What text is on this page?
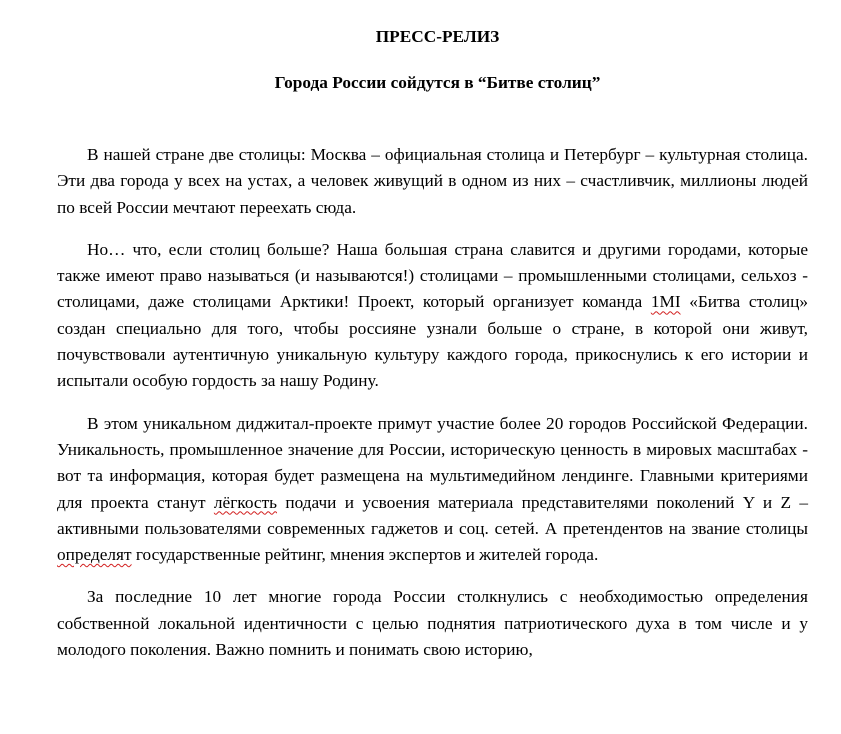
ПРЕСС-РЕЛИЗ

Города России сойдутся в “Битве столиц”

В нашей стране две столицы: Москва – официальная столица и Петербург – культурная столица. Эти два города у всех на устах, а человек живущий в одном из них – счастливчик, миллионы людей по всей России мечтают переехать сюда.

Но… что, если столиц больше? Наша большая страна славится и другими городами, которые также имеют право называться (и называются!) столицами – промышленными столицами, сельхоз - столицами, даже столицами Арктики! Проект, который организует команда 1MI «Битва столиц» создан специально для того, чтобы россияне узнали больше о стране, в которой они живут, почувствовали аутентичную уникальную культуру каждого города, прикоснулись к его истории и испытали особую гордость за нашу Родину.

В этом уникальном диджитал-проекте примут участие более 20 городов Российской Федерации. Уникальность, промышленное значение для России, историческую ценность в мировых масштабах - вот та информация, которая будет размещена на мультимедийном лендинге. Главными критериями для проекта станут лёгкость подачи и усвоения материала представителями поколений Y и Z – активными пользователями современных гаджетов и соц. сетей. А претендентов на звание столицы определят государственные рейтинг, мнения экспертов и жителей города.

За последние 10 лет многие города России столкнулись с необходимостью определения собственной локальной идентичности с целью поднятия патриотического духа в том числе и у молодого поколения. Важно помнить и понимать свою историю,
